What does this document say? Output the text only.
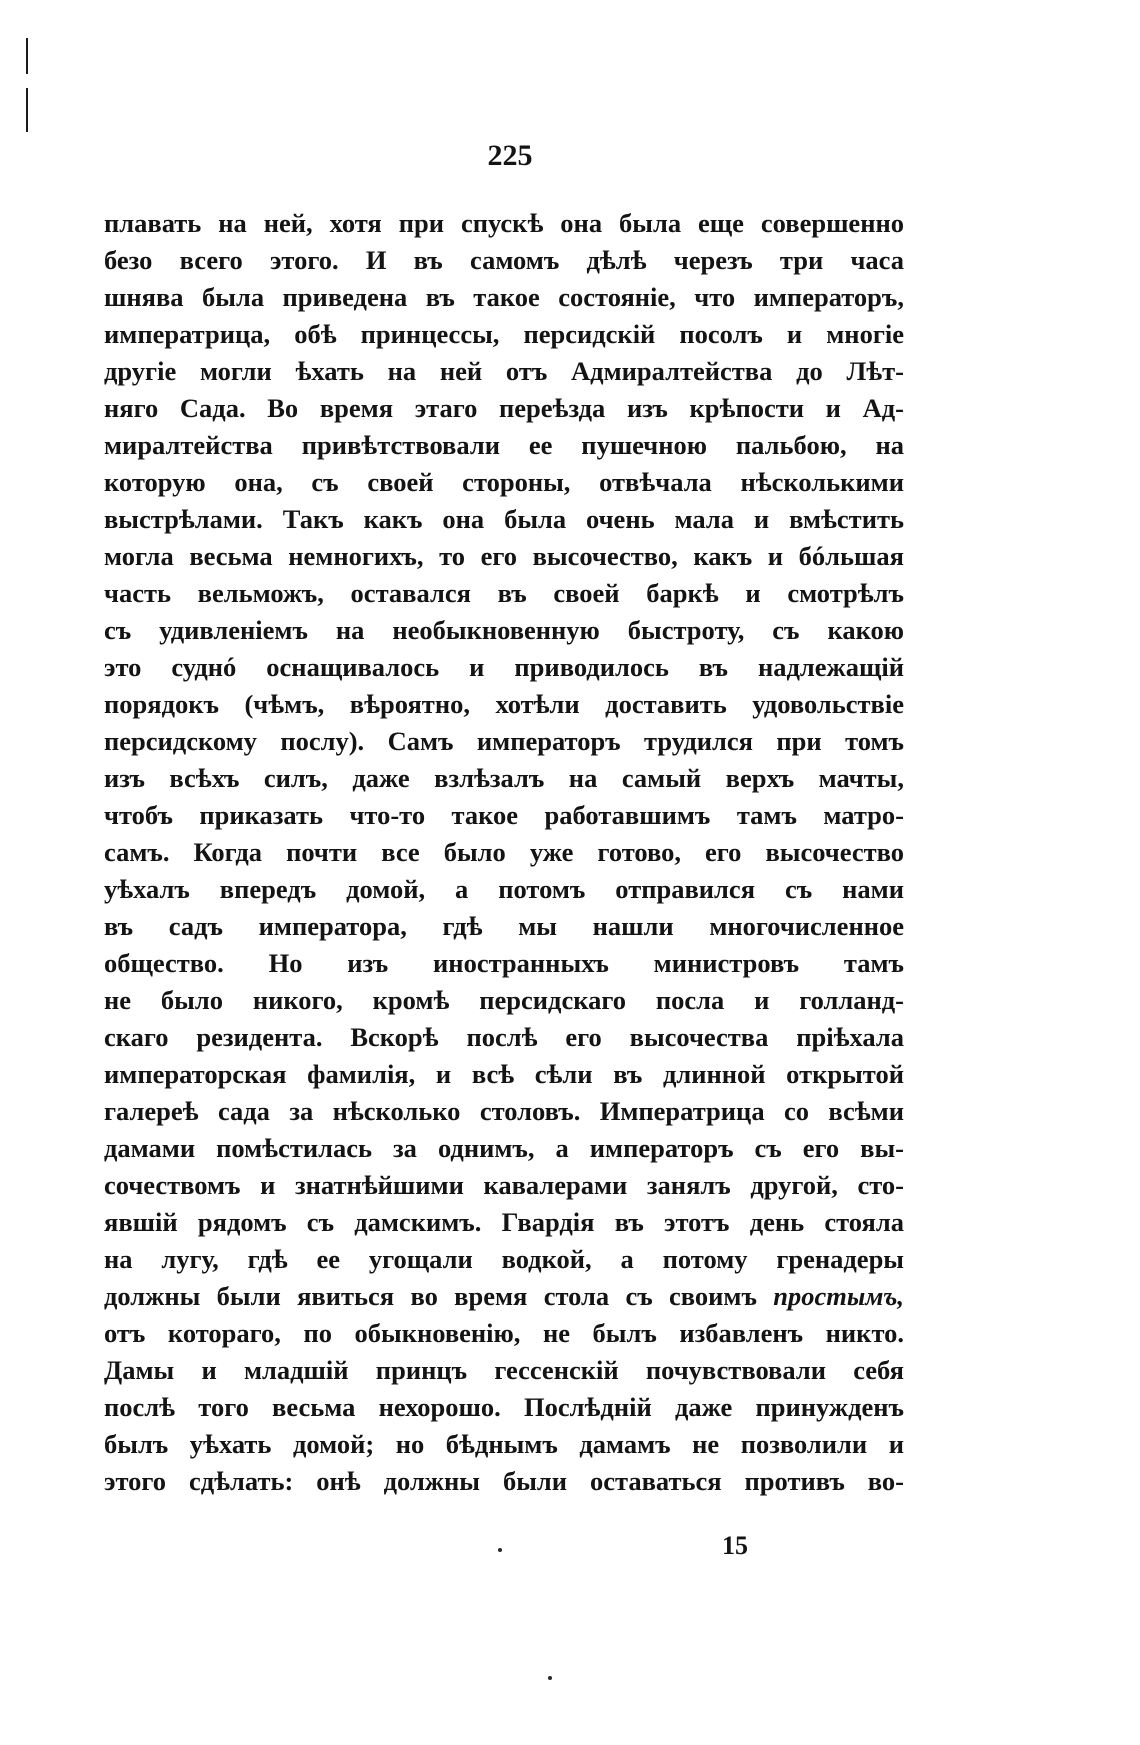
225
плавать на ней, хотя при спускѣ она была еще совершенно
безо всего этого. И въ самомъ дѣлѣ черезъ три часа
шнява была приведена въ такое состояніе, что императоръ,
императрица, обѣ принцессы, персидскій посолъ и многіе
другіе могли ѣхать на ней отъ Адмиралтейства до Лѣт-
няго Сада. Во время этаго переѣзда изъ крѣпости и Ад-
миралтейства привѣтствовали ее пушечною пальбою, на
которую она, съ своей стороны, отвѣчала нѣсколькими
выстрѣлами. Такъ какъ она была очень мала и вмѣстить
могла весьма немногихъ, то его высочество, какъ и бóльшая
часть вельможъ, оставался въ своей баркѣ и смотрѣлъ
съ удивленіемъ на необыкновенную быстроту, съ какою
это суднó оснащивалось и приводилось въ надлежащій
порядокъ (чѣмъ, вѣроятно, хотѣли доставить удовольствіе
персидскому послу). Самъ императоръ трудился при томъ
изъ всѣхъ силъ, даже взлѣзалъ на самый верхъ мачты,
чтобъ приказать что-то такое работавшимъ тамъ матро-
самъ. Когда почти все было уже готово, его высочество
уѣхалъ впередъ домой, а потомъ отправился съ нами
въ садъ императора, гдѣ мы нашли многочисленное
общество. Но изъ иностранныхъ министровъ тамъ
не было никого, кромѣ персидскаго посла и голланд-
скаго резидента. Вскорѣ послѣ его высочества пріѣхала
императорская фамилія, и всѣ сѣли въ длинной открытой
галереѣ сада за нѣсколько столовъ. Императрица со всѣми
дамами помѣстилась за однимъ, а императоръ съ его вы-
сочествомъ и знатнѣйшими кавалерами занялъ другой, сто-
явшій рядомъ съ дамскимъ. Гвардія въ этотъ день стояла
на лугу, гдѣ ее угощали водкой, а потому гренадеры
должны были явиться во время стола съ своимъ простымъ,
отъ котораго, по обыкновенію, не былъ избавленъ никто.
Дамы и младшій принцъ гессенскій почувствовали себя
послѣ того весьма нехорошо. Послѣдній даже принужденъ
былъ уѣхать домой; но бѣднымъ дамамъ не позволили и
этого сдѣлать: онѣ должны были оставаться противъ во-
15
